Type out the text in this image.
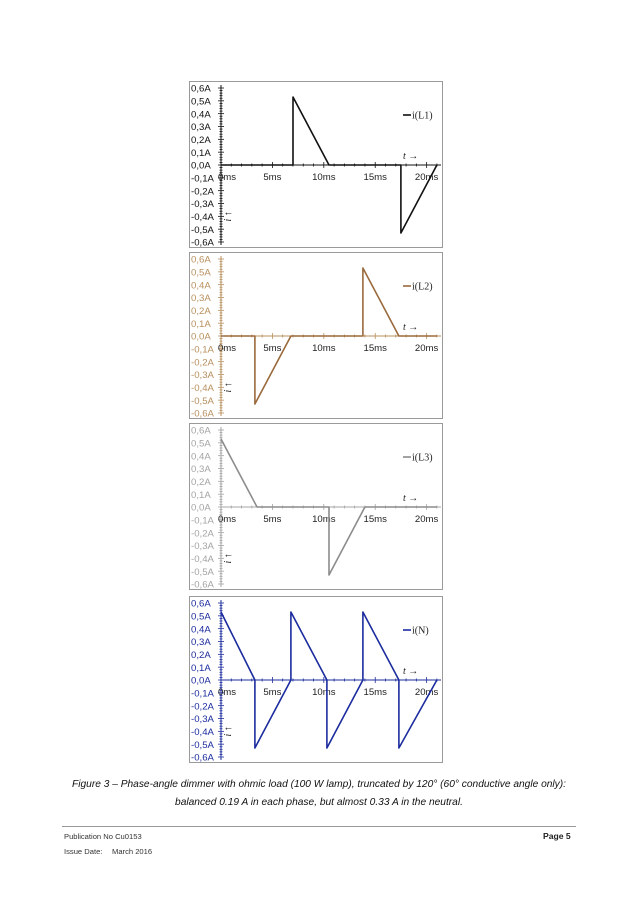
0,6A
0,5A
0,4A
0,3A
0,2A
0,1A
0,0A
-0,1A
-0,2A
-0,3A
-0,4A
-0,5A
-0,6A
0ms	5ms	10ms	15ms	20ms
t →
i ↑
i(L1)
0,6A
0,5A
0,4A
0,3A
0,2A
0,1A
0,0A
-0,1A
-0,2A
-0,3A
-0,4A
-0,5A
-0,6A
0ms	5ms	10ms	15ms	20ms
t →
i ↑
i(L2)
0,6A
0,5A
0,4A
0,3A
0,2A
0,1A
0,0A
-0,1A
-0,2A
-0,3A
-0,4A
-0,5A
-0,6A
0ms	5ms	10ms	15ms	20ms
t →
i ↑
i(L3)
0,6A
0,5A
0,4A
0,3A
0,2A
0,1A
0,0A
-0,1A
-0,2A
-0,3A
-0,4A
-0,5A
-0,6A
0ms	5ms	10ms	15ms	20ms
t →
i ↑
i(N)
Figure 3 – Phase-angle dimmer with ohmic load (100 W lamp), truncated by 120° (60° conductive angle only):
balanced 0.19 A in each phase, but almost 0.33 A in the neutral.
Publication No Cu0153	Page 5
Issue Date: March 2016
